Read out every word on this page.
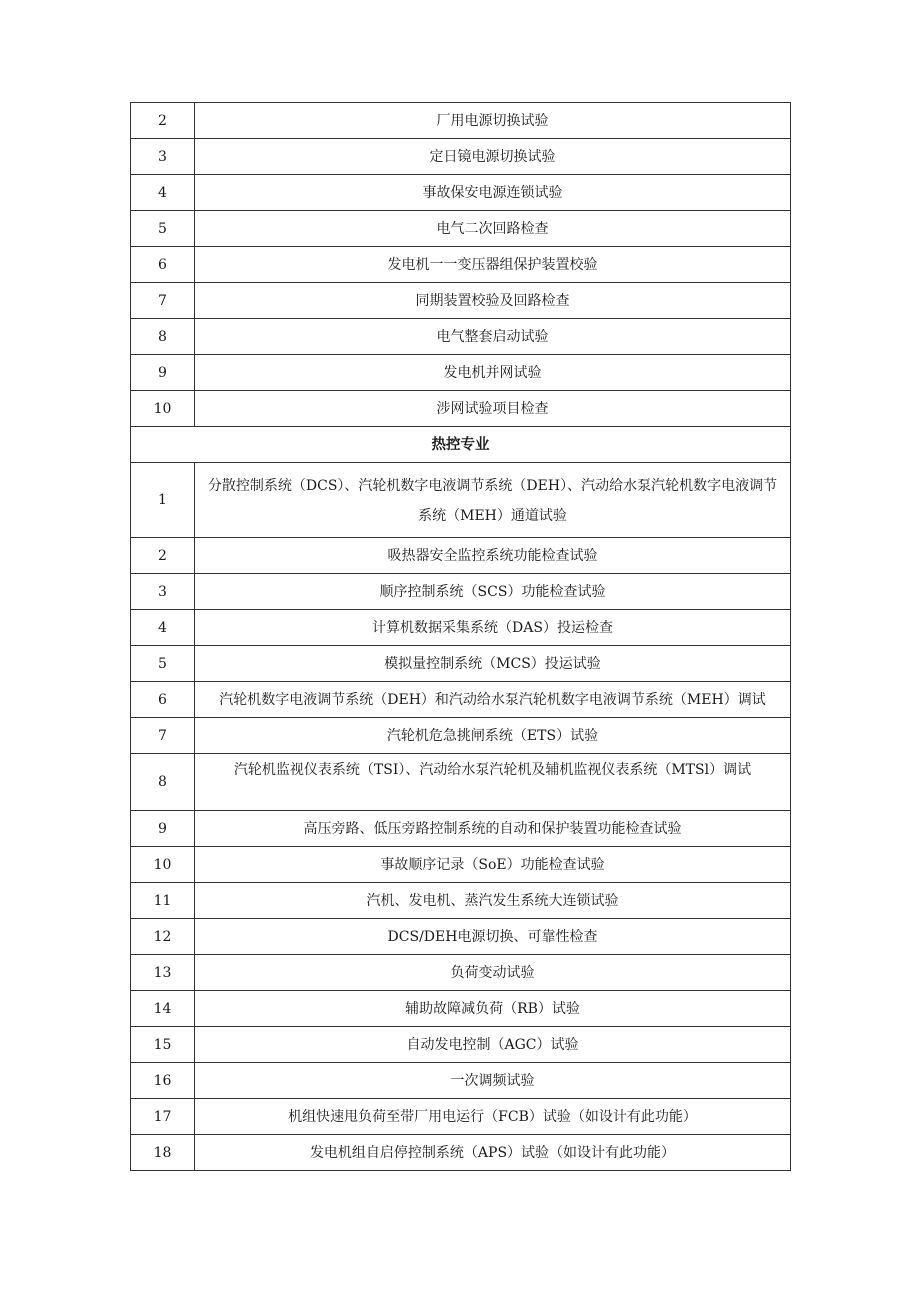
2	厂用电源切换试验
3	定日镜电源切换试验
4	事故保安电源连锁试验
5	电气二次回路检查
6	发电机一一变压器组保护装置校验
7	同期装置校验及回路检查
8	电气整套启动试验
9	发电机并网试验
10	涉网试验项目检查
热控专业	
1	分散控制系统（DCS）、汽轮机数字电液调节系统（DEH）、汽动给水泵汽轮机数字电液调节系统（MEH）通道试验
2	吸热器安全监控系统功能检查试验
3	顺序控制系统（SCS）功能检查试验
4	计算机数据采集系统（DAS）投运检查
5	模拟量控制系统（MCS）投运试验
6	汽轮机数字电液调节系统（DEH）和汽动给水泵汽轮机数字电液调节系统（MEH）调试
7	汽轮机危急挑闸系统（ETS）试验
8	汽轮机监视仪表系统（TSI）、汽动给水泵汽轮机及辅机监视仪表系统（MTSl）调试
9	高压旁路、低压旁路控制系统的自动和保护装置功能检查试验
10	事故顺序记录（SoE）功能检查试验
11	汽机、发电机、蒸汽发生系统大连锁试验
12	DCS/DEH电源切换、可靠性检查
13	负荷变动试验
14	辅助故障减负荷（RB）试验
15	自动发电控制（AGC）试验
16	一次调频试验
17	机组快速甩负荷至带厂用电运行（FCB）试验（如设计有此功能）
18	发电机组自启停控制系统（APS）试验（如设计有此功能）
